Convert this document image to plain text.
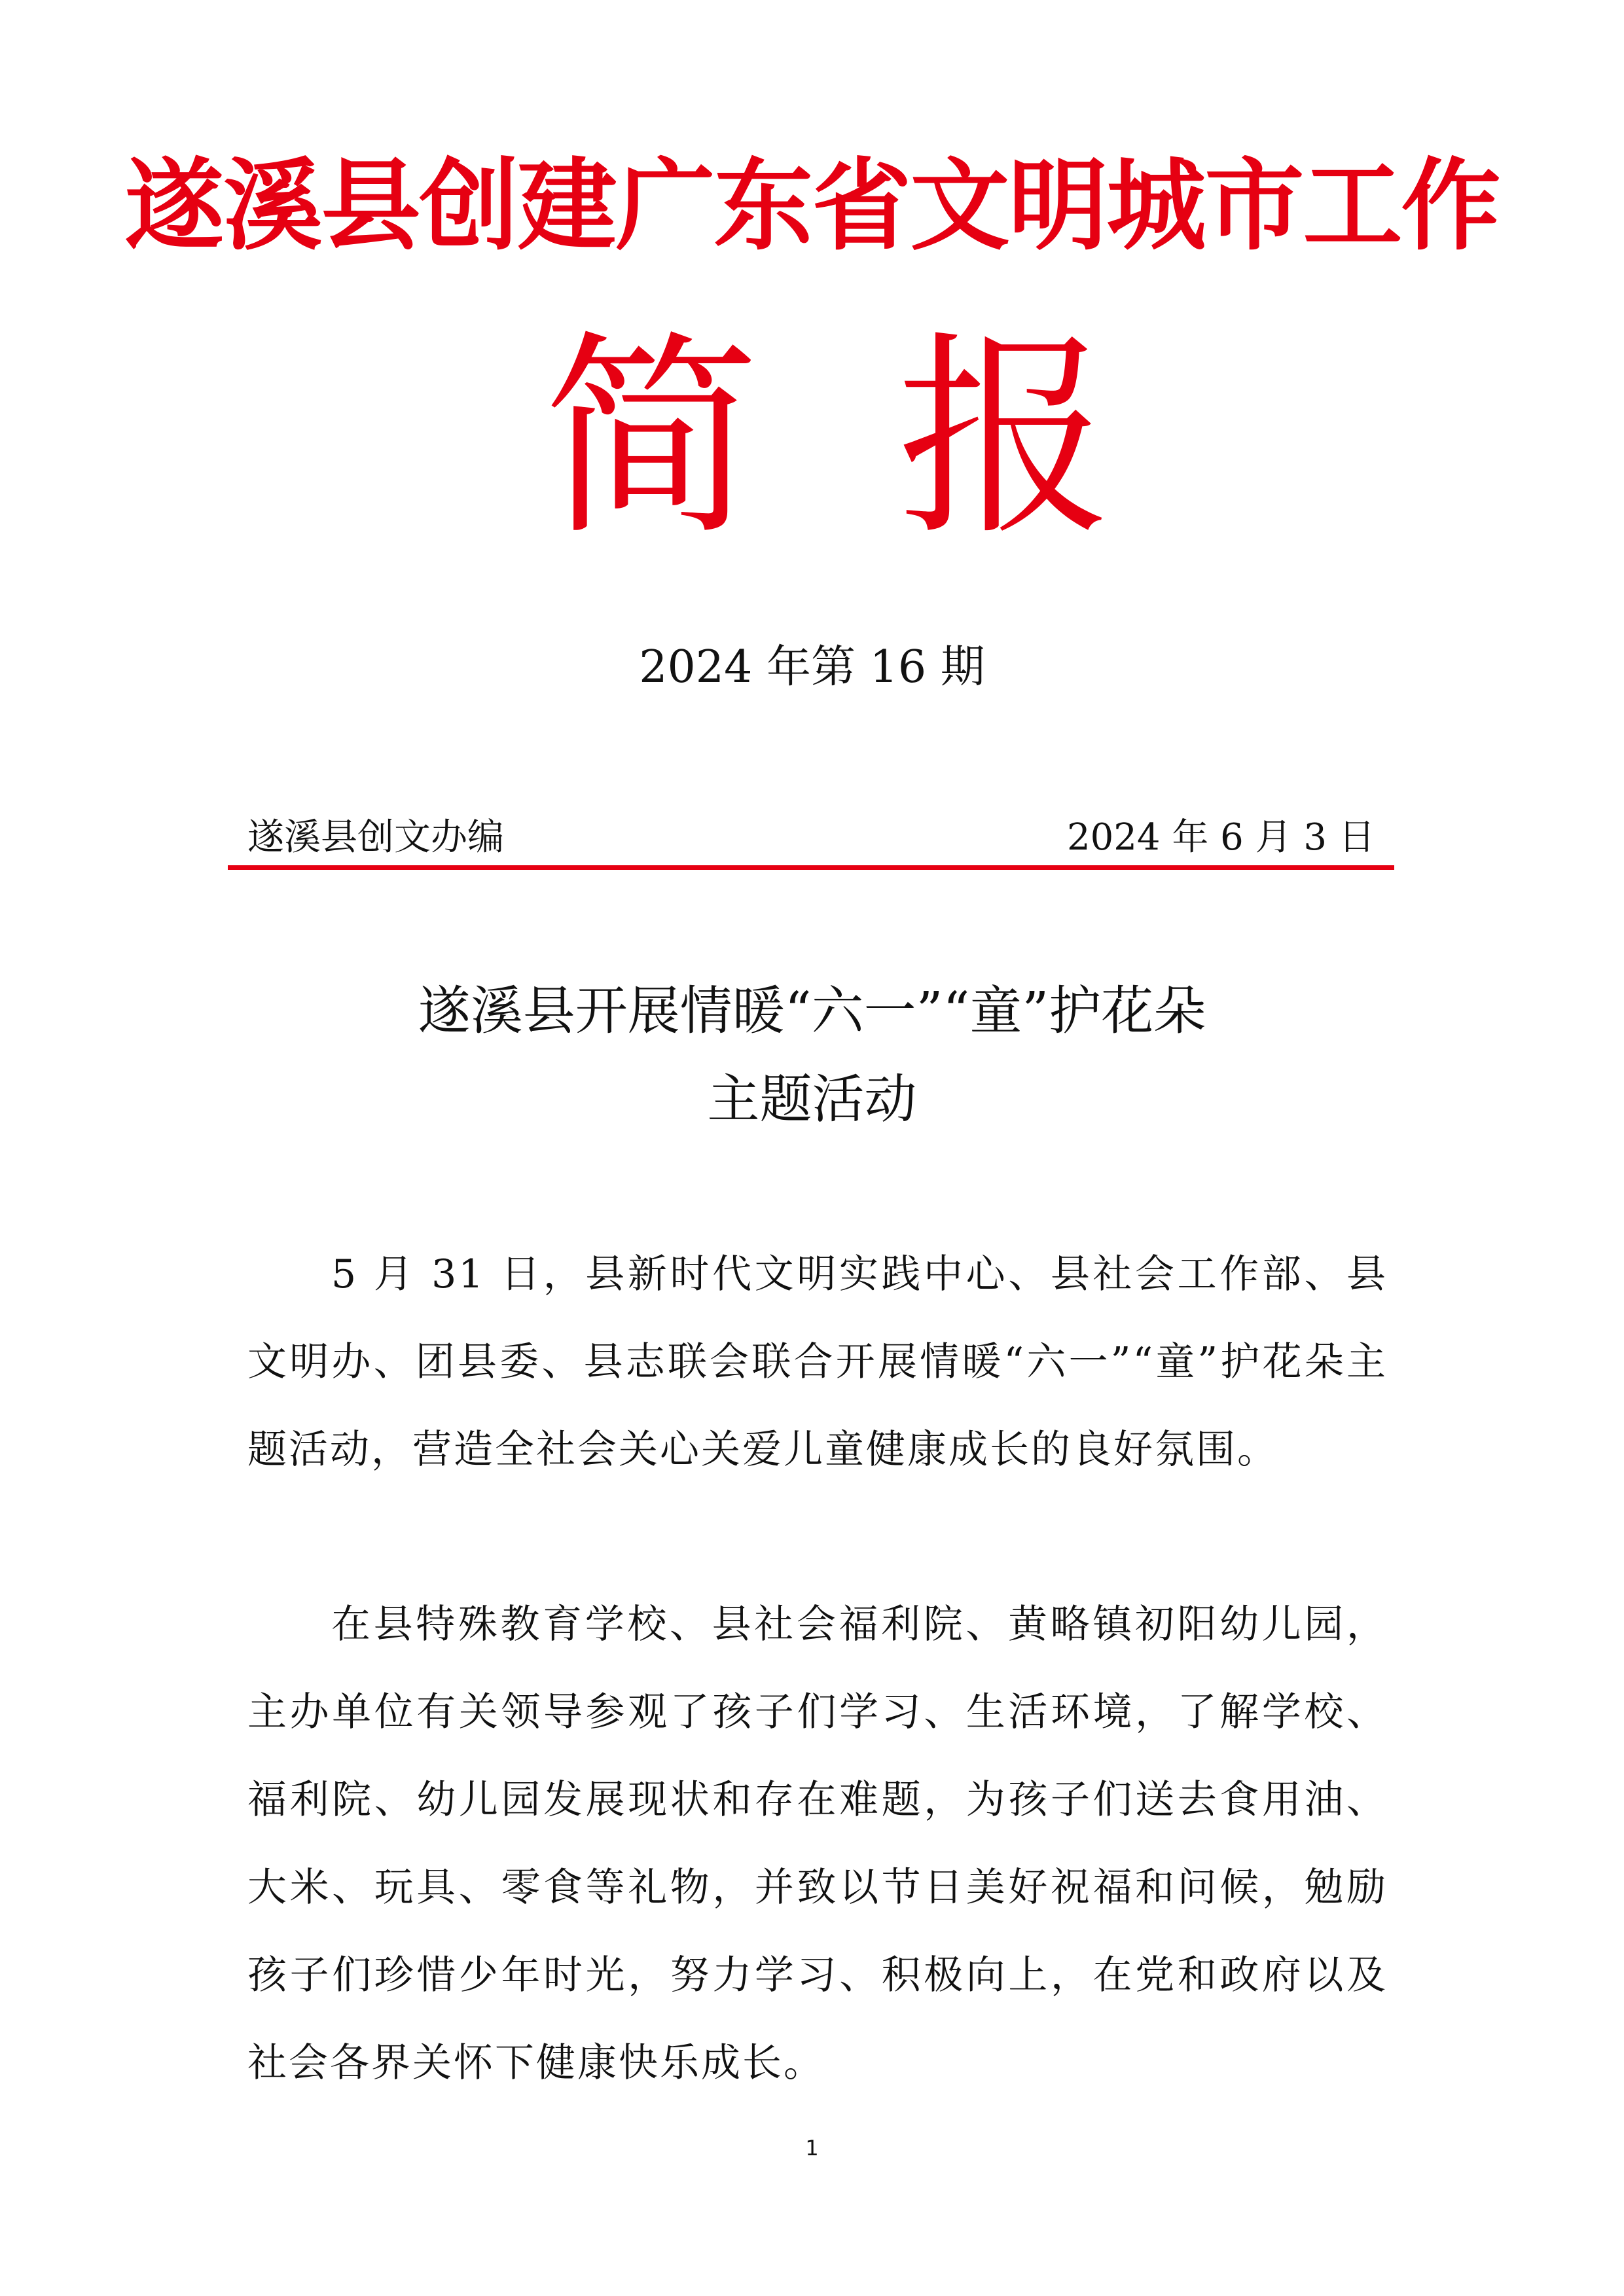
遂溪县创建广东省文明城市工作
简 报
2024 年第 16 期
遂溪县创文办编	2024 年 6 月 3 日
遂溪县开展情暖“六一”“童”护花朵
主题活动

5 月 31 日，县新时代文明实践中心、县社会工作部、县文明办、团县委、县志联会联合开展情暖“六一”“童”护花朵主题活动，营造全社会关心关爱儿童健康成长的良好氛围。

在县特殊教育学校、县社会福利院、黄略镇初阳幼儿园，主办单位有关领导参观了孩子们学习、生活环境，了解学校、福利院、幼儿园发展现状和存在难题，为孩子们送去食用油、大米、玩具、零食等礼物，并致以节日美好祝福和问候，勉励孩子们珍惜少年时光，努力学习、积极向上，在党和政府以及社会各界关怀下健康快乐成长。

1
